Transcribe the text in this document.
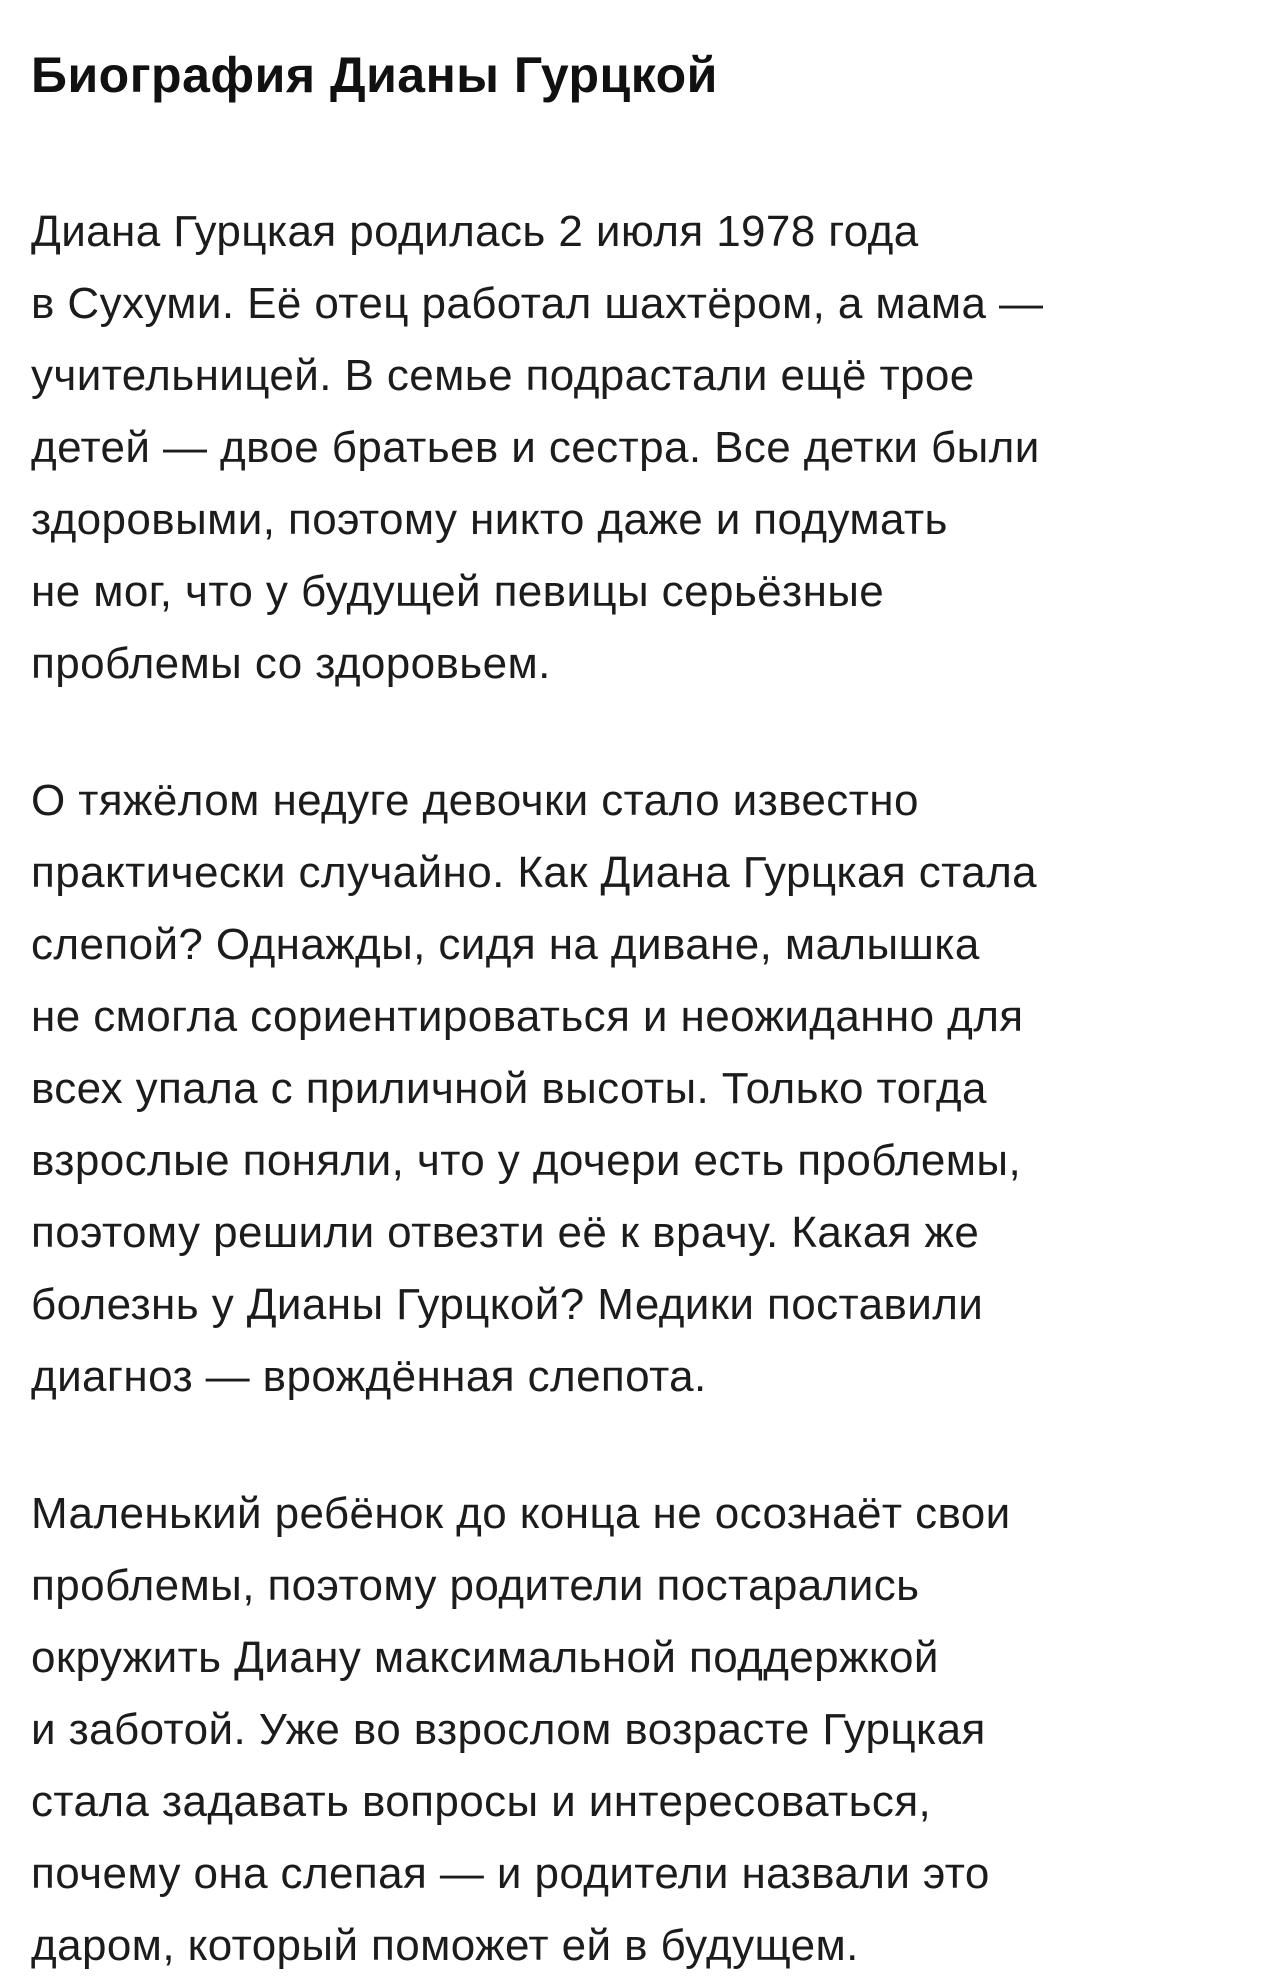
Биография Дианы Гурцкой

Диана Гурцкая родилась 2 июля 1978 года
в Сухуми. Её отец работал шахтёром, а мама —
учительницей. В семье подрастали ещё трое
детей — двое братьев и сестра. Все детки были
здоровыми, поэтому никто даже и подумать
не мог, что у будущей певицы серьёзные
проблемы со здоровьем.

О тяжёлом недуге девочки стало известно
практически случайно. Как Диана Гурцкая стала
слепой? Однажды, сидя на диване, малышка
не смогла сориентироваться и неожиданно для
всех упала с приличной высоты. Только тогда
взрослые поняли, что у дочери есть проблемы,
поэтому решили отвезти её к врачу. Какая же
болезнь у Дианы Гурцкой? Медики поставили
диагноз — врождённая слепота.

Маленький ребёнок до конца не осознаёт свои
проблемы, поэтому родители постарались
окружить Диану максимальной поддержкой
и заботой. Уже во взрослом возрасте Гурцкая
стала задавать вопросы и интересоваться,
почему она слепая — и родители назвали это
даром, который поможет ей в будущем.
